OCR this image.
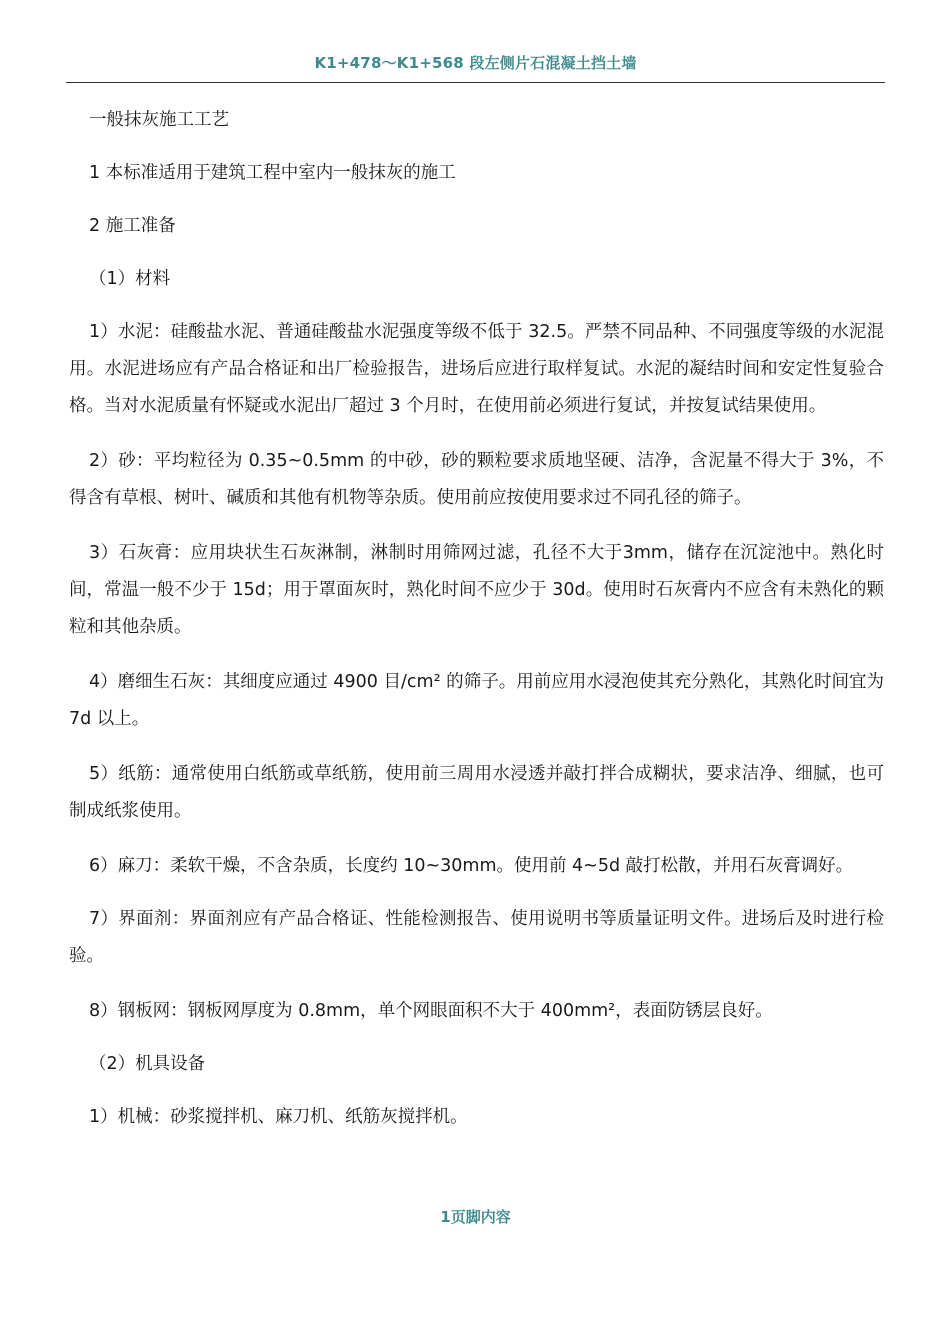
K1+478～K1+568 段左侧片石混凝土挡土墙

一般抹灰施工工艺

1 本标准适用于建筑工程中室内一般抹灰的施工

2 施工准备

（1）材料

1）水泥：硅酸盐水泥、普通硅酸盐水泥强度等级不低于 32.5。严禁不同品种、不同强度等级的水泥混用。水泥进场应有产品合格证和出厂检验报告，进场后应进行取样复试。水泥的凝结时间和安定性复验合格。当对水泥质量有怀疑或水泥出厂超过 3 个月时，在使用前必须进行复试，并按复试结果使用。

2）砂：平均粒径为 0.35~0.5mm 的中砂，砂的颗粒要求质地坚硬、洁净，含泥量不得大于 3%，不得含有草根、树叶、碱质和其他有机物等杂质。使用前应按使用要求过不同孔径的筛子。

3）石灰膏：应用块状生石灰淋制，淋制时用筛网过滤，孔径不大于3mm，储存在沉淀池中。熟化时间，常温一般不少于 15d；用于罩面灰时，熟化时间不应少于 30d。使用时石灰膏内不应含有未熟化的颗粒和其他杂质。

4）磨细生石灰：其细度应通过 4900 目/cm² 的筛子。用前应用水浸泡使其充分熟化，其熟化时间宜为 7d 以上。

5）纸筋：通常使用白纸筋或草纸筋，使用前三周用水浸透并敲打拌合成糊状，要求洁净、细腻，也可制成纸浆使用。

6）麻刀：柔软干燥，不含杂质，长度约 10~30mm。使用前 4~5d 敲打松散，并用石灰膏调好。

7）界面剂：界面剂应有产品合格证、性能检测报告、使用说明书等质量证明文件。进场后及时进行检验。

8）钢板网：钢板网厚度为 0.8mm，单个网眼面积不大于 400mm²，表面防锈层良好。

（2）机具设备

1）机械：砂浆搅拌机、麻刀机、纸筋灰搅拌机。

1页脚内容
